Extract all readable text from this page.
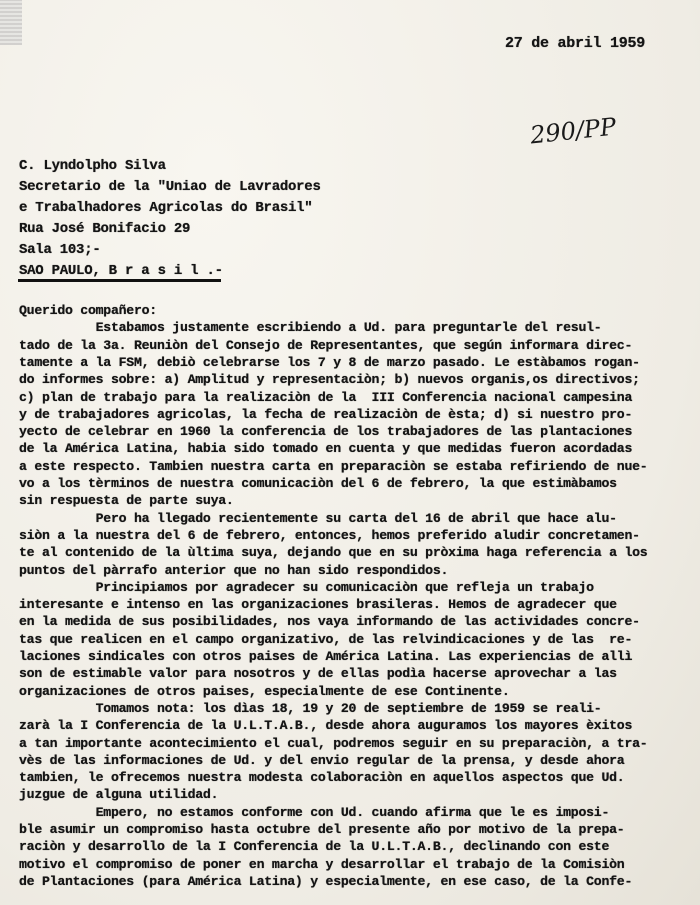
27 de abril 1959
290/PP
C. Lyndolpho Silva
Secretario de la "Uniao de Lavradores
e Trabalhadores Agricolas do Brasil"
Rua José Bonifacio 29
Sala 103;-
SAO PAULO, B r a s i l .-
Querido compañero:
Estabamos justamente escribiendo a Ud. para preguntarle del resul-
tado de la 3a. Reuniòn del Consejo de Representantes, que según informara direc-
tamente a la FSM, debiò celebrarse los 7 y 8 de marzo pasado. Le estàbamos rogan-
do informes sobre: a) Amplitud y representaciòn; b) nuevos organis,os directivos;
c) plan de trabajo para la realizaciòn de la  III Conferencia nacional campesina
y de trabajadores agricolas, la fecha de realizaciòn de èsta; d) si nuestro pro-
yecto de celebrar en 1960 la conferencia de los trabajadores de las plantaciones
de la América Latina, habia sido tomado en cuenta y que medidas fueron acordadas
a este respecto. Tambien nuestra carta en preparaciòn se estaba refiriendo de nue-
vo a los tèrminos de nuestra comunicaciòn del 6 de febrero, la que estimàbamos
sin respuesta de parte suya.
Pero ha llegado recientemente su carta del 16 de abril que hace alu-
siòn a la nuestra del 6 de febrero, entonces, hemos preferido aludir concretamen-
te al contenido de la ùltima suya, dejando que en su pròxima haga referencia a los
puntos del pàrrafo anterior que no han sido respondidos.
Principiamos por agradecer su comunicaciòn que refleja un trabajo
interesante e intenso en las organizaciones brasileras. Hemos de agradecer que
en la medida de sus posibilidades, nos vaya informando de las actividades concre-
tas que realicen en el campo organizativo, de las relvindicaciones y de las  re-
laciones sindicales con otros paises de América Latina. Las experiencias de allì
son de estimable valor para nosotros y de ellas podìa hacerse aprovechar a las
organizaciones de otros paises, especialmente de ese Continente.
Tomamos nota: los dìas 18, 19 y 20 de septiembre de 1959 se reali-
zarà la I Conferencia de la U.L.T.A.B., desde ahora auguramos los mayores èxitos
a tan importante acontecimiento el cual, podremos seguir en su preparaciòn, a tra-
vès de las informaciones de Ud. y del envio regular de la prensa, y desde ahora
tambien, le ofrecemos nuestra modesta colaboraciòn en aquellos aspectos que Ud.
juzgue de alguna utilidad.
Empero, no estamos conforme con Ud. cuando afirma que le es imposi-
ble asumir un compromiso hasta octubre del presente año por motivo de la prepa-
raciòn y desarrollo de la I Conferencia de la U.L.T.A.B., declinando con este
motivo el compromiso de poner en marcha y desarrollar el trabajo de la Comisiòn
de Plantaciones (para América Latina) y especialmente, en ese caso, de la Confe-
